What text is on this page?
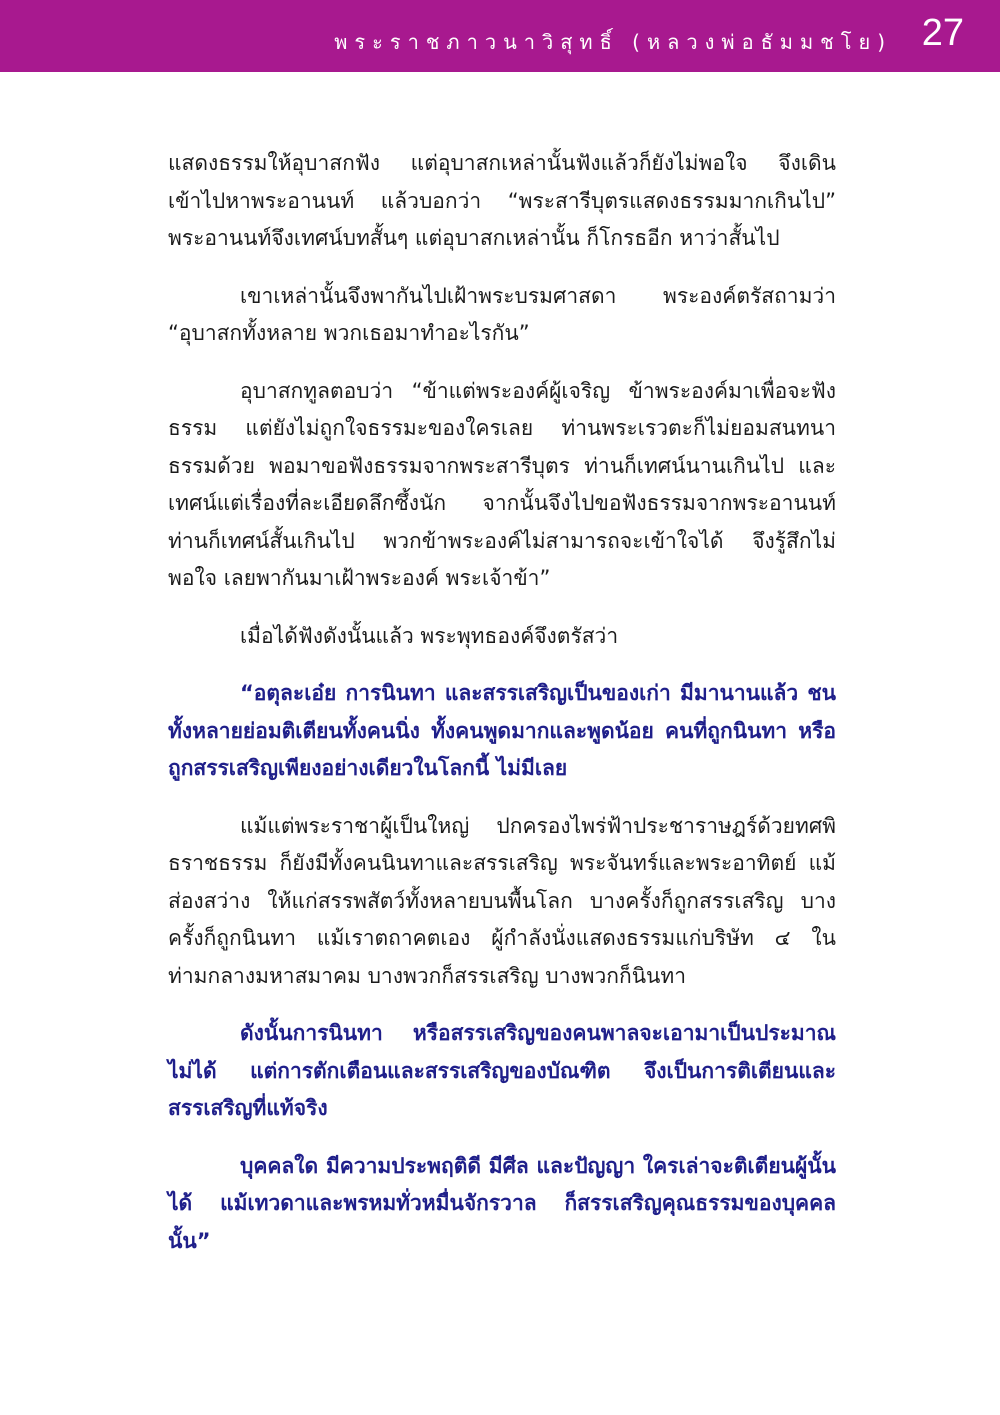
พระราชภาวนาวิสุทธิ์ (หลวงพ่อธัมมชโย) 27

แสดงธรรมให้อุบาสกฟัง แต่อุบาสกเหล่านั้นฟังแล้วก็ยังไม่พอใจ จึงเดินเข้าไปหาพระอานนท์ แล้วบอกว่า “พระสารีบุตรแสดงธรรมมากเกินไป” พระอานนท์จึงเทศน์บทสั้นๆ แต่อุบาสกเหล่านั้น ก็โกรธอีก หาว่าสั้นไป

เขาเหล่านั้นจึงพากันไปเฝ้าพระบรมศาสดา พระองค์ตรัสถามว่า “อุบาสกทั้งหลาย พวกเธอมาทำอะไรกัน”

อุบาสกทูลตอบว่า “ข้าแต่พระองค์ผู้เจริญ ข้าพระองค์มาเพื่อจะฟังธรรม แต่ยังไม่ถูกใจธรรมะของใครเลย ท่านพระเรวตะก็ไม่ยอมสนทนาธรรมด้วย พอมาขอฟังธรรมจากพระสารีบุตร ท่านก็เทศน์นานเกินไป และเทศน์แต่เรื่องที่ละเอียดลึกซึ้งนัก จากนั้นจึงไปขอฟังธรรมจากพระอานนท์ ท่านก็เทศน์สั้นเกินไป พวกข้าพระองค์ไม่สามารถจะเข้าใจได้ จึงรู้สึกไม่พอใจ เลยพากันมาเฝ้าพระองค์ พระเจ้าข้า”

เมื่อได้ฟังดังนั้นแล้ว พระพุทธองค์จึงตรัสว่า

“อตุละเอ๋ย การนินทา และสรรเสริญเป็นของเก่า มีมานานแล้ว ชนทั้งหลายย่อมติเตียนทั้งคนนิ่ง ทั้งคนพูดมากและพูดน้อย คนที่ถูกนินทา หรือถูกสรรเสริญเพียงอย่างเดียวในโลกนี้ ไม่มีเลย

แม้แต่พระราชาผู้เป็นใหญ่ ปกครองไพร่ฟ้าประชาราษฎร์ด้วยทศพิธราชธรรม ก็ยังมีทั้งคนนินทาและสรรเสริญ พระจันทร์และพระอาทิตย์ แม้ส่องสว่าง ให้แก่สรรพสัตว์ทั้งหลายบนพื้นโลก บางครั้งก็ถูกสรรเสริญ บางครั้งก็ถูกนินทา แม้เราตถาคตเอง ผู้กำลังนั่งแสดงธรรมแก่บริษัท ๔ ในท่ามกลางมหาสมาคม บางพวกก็สรรเสริญ บางพวกก็นินทา

ดังนั้นการนินทา หรือสรรเสริญของคนพาลจะเอามาเป็นประมาณไม่ได้ แต่การตักเตือนและสรรเสริญของบัณฑิต จึงเป็นการติเตียนและสรรเสริญที่แท้จริง

บุคคลใด มีความประพฤติดี มีศีล และปัญญา ใครเล่าจะติเตียนผู้นั้นได้ แม้เทวดาและพรหมทั่วหมื่นจักรวาล ก็สรรเสริญคุณธรรมของบุคคลนั้น”
